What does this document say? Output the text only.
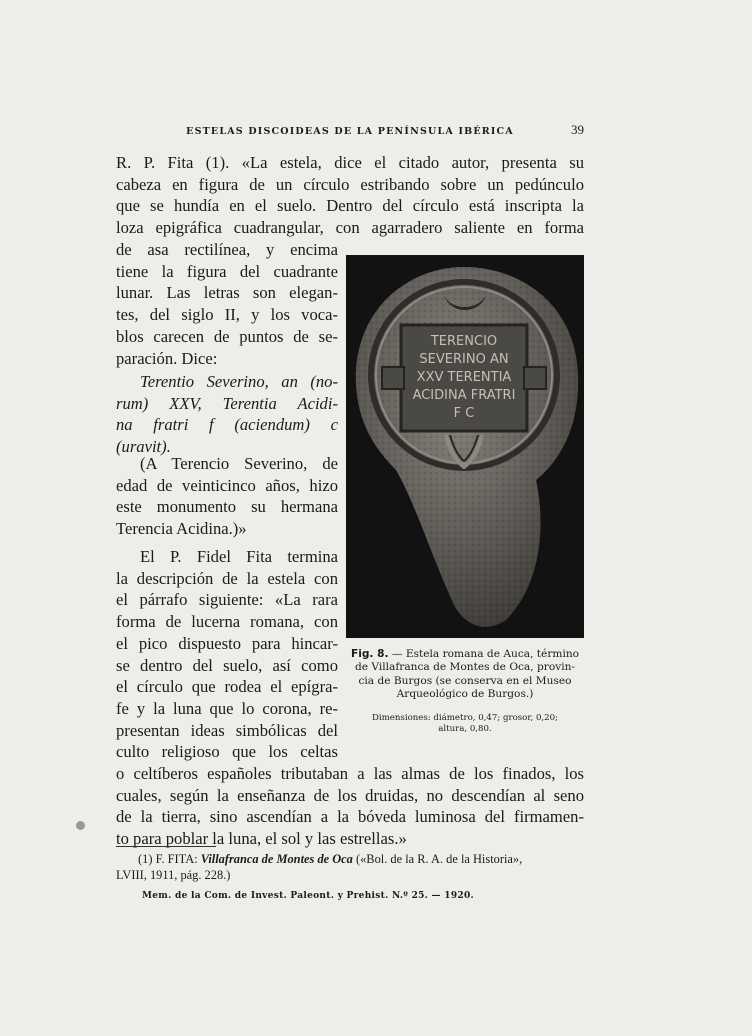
ESTELAS DISCOIDEAS DE LA PENÍNSULA IBÉRICA	39
R. P. Fita (1). «La estela, dice el citado autor, presenta su
cabeza en figura de un círculo estribando sobre un pedúnculo
que se hundía en el suelo. Dentro del círculo está inscripta la
loza epigráfica cuadrangular, con agarradero saliente en forma
de asa rectilínea, y encima
tiene la figura del cuadrante
lunar. Las letras son elegan-
tes, del siglo II, y los voca-
blos carecen de puntos de se-
paración. Dice:
Terentio Severino, an (no-
rum) XXV, Terentia Acidi-
na fratri f (aciendum) c
(uravit).
(A Terencio Severino, de
edad de veinticinco años, hizo
este monumento su hermana
Terencia Acidina.)»
El P. Fidel Fita termina
la descripción de la estela con
el párrafo siguiente: «La rara
forma de lucerna romana, con
el pico dispuesto para hincar-
se dentro del suelo, así como
el círculo que rodea el epígra-
fe y la luna que lo corona, re-
presentan ideas simbólicas del
culto religioso que los celtas
o celtíberos españoles tributaban a las almas de los finados, los
cuales, según la enseñanza de los druidas, no descendían al seno
de la tierra, sino ascendían a la bóveda luminosa del firmamen-
to para poblar la luna, el sol y las estrellas.»
TERENCIO
SEVERINO AN
XXV TERENTIA
ACIDINA FRATRI
F C
Fig. 8. — Estela romana de Auca, término
de Villafranca de Montes de Oca, provin-
cia de Burgos (se conserva en el Museo
Arqueológico de Burgos.)
Dimensiones: diámetro, 0,47; grosor, 0,20;
altura, 0,80.
(1) F. FITA: Villafranca de Montes de Oca («Bol. de la R. A. de la Historia»,
LVIII, 1911, pág. 228.)
Mem. de la Com. de Invest. Paleont. y Prehist. N.º 25. — 1920.
